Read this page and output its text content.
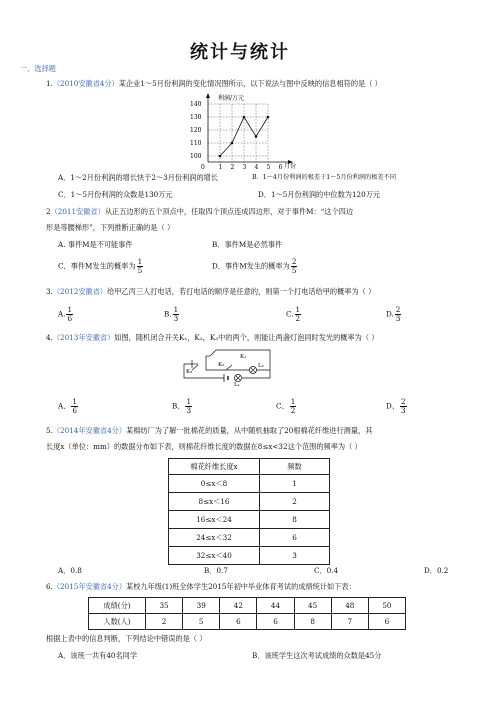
统计与统计
一、选择题
1.（2010安徽省4分）某企业1～5月份利润的变化情况图所示，以下说法与图中反映的信息相符的是（ ）
100
110
120
130
140
1 2 3 4 5 6
利润/万元
月份
0
A．1～2月份利润的增长快于2～3月份利润的增长	B．1～4月份利润的极差于1～5月份利润的极差不同
C．1～5月份利润的众数是130万元	D．1～5月份利润的中位数为120万元
2（2011安徽省）从正五边形的五个顶点中，任取四个顶点连成四边形，对于事件M：“这个四边
形是等腰梯形”，下列推断正确的是（ ）
A. 事件M是不可能事件	B．事件M是必然事件
C．事件M发生的概率为 $\frac{1}{5}$	D．事件M发生的概率为 $\frac{2}{5}$
3.（2012安徽省）给甲乙丙三人打电话，若打电话的顺序是任意的，则第一个打电话给甲的概率为（ ）
A. $\frac{1}{6}$	B. $\frac{1}{3}$	C. $\frac{1}{2}$	D. $\frac{2}{3}$
4.（2013年安徽省）如图，随机闭合开关K₁，K₂，K₃中的两个，则能让两盏灯泡同时发光的概率为（ ）
K₁
K₂
K₃
L₁
L₂
A、 $\frac{1}{6}$	B、 $\frac{1}{3}$	C、 $\frac{1}{2}$	D、 $\frac{2}{3}$
5.（2014年安徽省4分）某棉纺厂为了解一批棉花的质量，从中随机抽取了20根棉花纤维进行测量，其
长度x（单位：mm）的数据分布如下表，则棉花纤维长度的数据在8≤x<32这个范围的频率为（ ）
棉花纤维长度x	频数
0≤x＜8	1
8≤x＜16	2
16≤x＜24	8
24≤x＜32	6
32≤x＜40	3
A．0.8	B．0.7	C．0.4	D．0.2
6.（2015年安徽省4分）某校九年级(1)班全体学生2015年初中毕业体育考试的成绩统计如下表：
成绩(分)	35	39	42	44	45	48	50
人数(人)	2	5	6	6	8	7	6
根据上表中的信息判断，下列结论中错误的是（ ）
A．该班一共有40名同学	B．该班学生这次考试成绩的众数是45分
